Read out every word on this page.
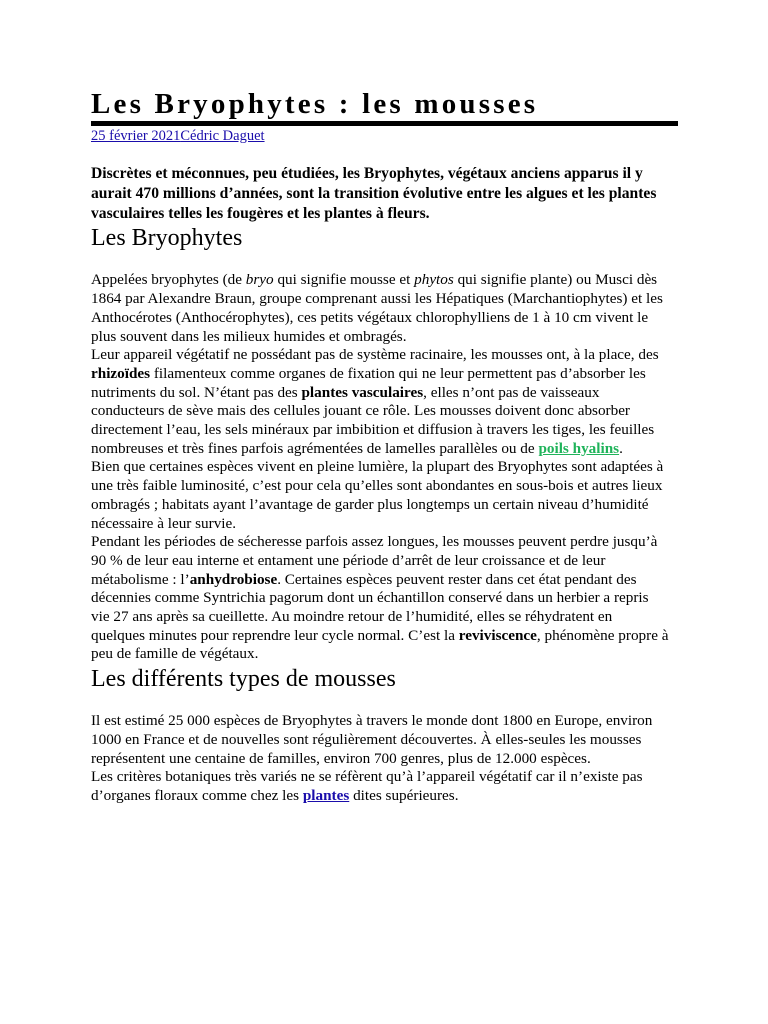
Les Bryophytes : les mousses
25 février 2021Cédric Daguet
Discrètes et méconnues, peu étudiées, les Bryophytes, végétaux anciens apparus il y aurait 470 millions d’années, sont la transition évolutive entre les algues et les plantes vasculaires telles les fougères et les plantes à fleurs.
Les Bryophytes

Appelées bryophytes (de bryo qui signifie mousse et phytos qui signifie plante) ou Musci dès 1864 par Alexandre Braun, groupe comprenant aussi les Hépatiques (Marchantiophytes) et les Anthocérotes (Anthocérophytes), ces petits végétaux chlorophylliens de 1 à 10 cm vivent le plus souvent dans les milieux humides et ombragés.

Leur appareil végétatif ne possédant pas de système racinaire, les mousses ont, à la place, des rhizoïdes filamenteux comme organes de fixation qui ne leur permettent pas d’absorber les nutriments du sol. N’étant pas des plantes vasculaires, elles n’ont pas de vaisseaux conducteurs de sève mais des cellules jouant ce rôle. Les mousses doivent donc absorber directement l’eau, les sels minéraux par imbibition et diffusion à travers les tiges, les feuilles nombreuses et très fines parfois agrémentées de lamelles parallèles ou de poils hyalins.

Bien que certaines espèces vivent en pleine lumière, la plupart des Bryophytes sont adaptées à une très faible luminosité, c’est pour cela qu’elles sont abondantes en sous-bois et autres lieux ombragés ; habitats ayant l’avantage de garder plus longtemps un certain niveau d’humidité nécessaire à leur survie.

Pendant les périodes de sécheresse parfois assez longues, les mousses peuvent perdre jusqu’à 90 % de leur eau interne et entament une période d’arrêt de leur croissance et de leur métabolisme : l’anhydrobiose. Certaines espèces peuvent rester dans cet état pendant des décennies comme Syntrichia pagorum dont un échantillon conservé dans un herbier a repris vie 27 ans après sa cueillette. Au moindre retour de l’humidité, elles se réhydratent en quelques minutes pour reprendre leur cycle normal. C’est la reviviscence, phénomène propre à peu de famille de végétaux.

Les différents types de mousses

Il est estimé 25 000 espèces de Bryophytes à travers le monde dont 1800 en Europe, environ 1000 en France et de nouvelles sont régulièrement découvertes. À elles-seules les mousses représentent une centaine de familles, environ 700 genres, plus de 12.000 espèces.

Les critères botaniques très variés ne se réfèrent qu’à l’appareil végétatif car il n’existe pas d’organes floraux comme chez les plantes dites supérieures.
